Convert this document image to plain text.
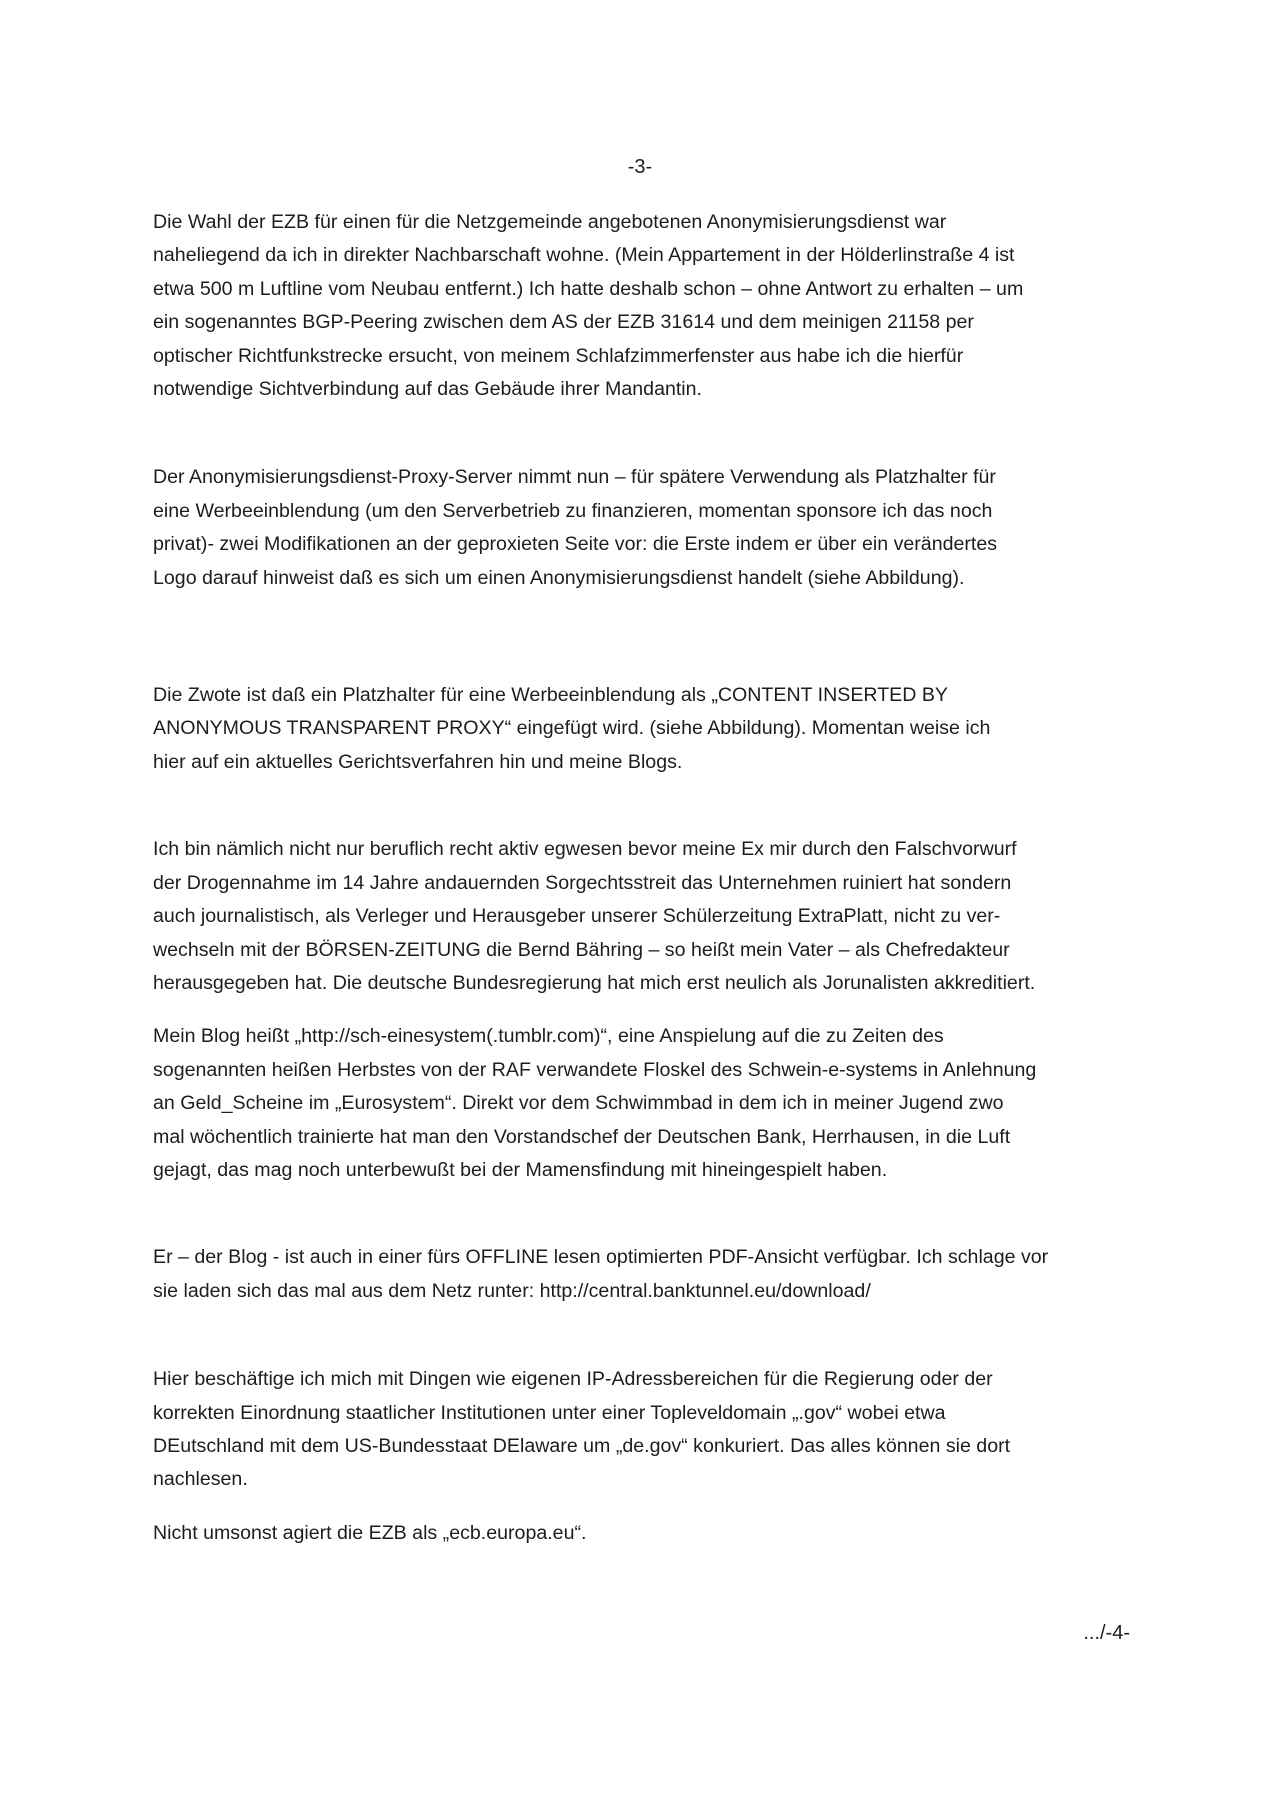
-3-

Die Wahl der EZB für einen für die Netzgemeinde angebotenen Anonymisierungsdienst war
naheliegend da ich in direkter Nachbarschaft wohne. (Mein Appartement in der Hölderlinstraße 4 ist
etwa 500 m Luftline vom Neubau entfernt.) Ich hatte deshalb schon – ohne Antwort zu erhalten – um
ein sogenanntes BGP-Peering zwischen dem AS der EZB 31614 und dem meinigen 21158 per
optischer Richtfunkstrecke ersucht, von meinem Schlafzimmerfenster aus habe ich die hierfür
notwendige Sichtverbindung auf das Gebäude ihrer Mandantin.

Der Anonymisierungsdienst-Proxy-Server nimmt nun – für spätere Verwendung als Platzhalter für
eine Werbeeinblendung (um den Serverbetrieb zu finanzieren, momentan sponsore ich das noch
privat)- zwei Modifikationen an der geproxieten Seite vor: die Erste indem er über ein verändertes
Logo darauf hinweist daß es sich um einen Anonymisierungsdienst handelt (siehe Abbildung).

Die Zwote ist daß ein Platzhalter für eine Werbeeinblendung als „CONTENT INSERTED BY
ANONYMOUS TRANSPARENT PROXY“ eingefügt wird. (siehe Abbildung). Momentan weise ich
hier auf ein aktuelles Gerichtsverfahren hin und meine Blogs.

Ich bin nämlich nicht nur beruflich recht aktiv egwesen bevor meine Ex mir durch den Falschvorwurf
der Drogennahme im 14 Jahre andauernden Sorgechtsstreit das Unternehmen ruiniert hat sondern
auch journalistisch, als Verleger und Herausgeber unserer Schülerzeitung ExtraPlatt, nicht zu ver-
wechseln mit der BÖRSEN-ZEITUNG die Bernd Bähring – so heißt mein Vater – als Chefredakteur
herausgegeben hat. Die deutsche Bundesregierung hat mich erst neulich als Jorunalisten akkreditiert.

Mein Blog heißt „http://sch-einesystem(.tumblr.com)“, eine Anspielung auf die zu Zeiten des
sogenannten heißen Herbstes von der RAF verwandete Floskel des Schwein-e-systems in Anlehnung
an Geld_Scheine im „Eurosystem“. Direkt vor dem Schwimmbad in dem ich in meiner Jugend zwo
mal wöchentlich trainierte hat man den Vorstandschef der Deutschen Bank, Herrhausen, in die Luft
gejagt, das mag noch unterbewußt bei der Mamensfindung mit hineingespielt haben.

Er – der Blog - ist auch in einer fürs OFFLINE lesen optimierten PDF-Ansicht verfügbar. Ich schlage vor
sie laden sich das mal aus dem Netz runter: http://central.banktunnel.eu/download/

Hier beschäftige ich mich mit Dingen wie eigenen IP-Adressbereichen für die Regierung oder der
korrekten Einordnung staatlicher Institutionen unter einer Topleveldomain „.gov“ wobei etwa
DEutschland mit dem US-Bundesstaat DElaware um „de.gov“ konkuriert. Das alles können sie dort
nachlesen.

Nicht umsonst agiert die EZB als „ecb.europa.eu“.

.../-4-
